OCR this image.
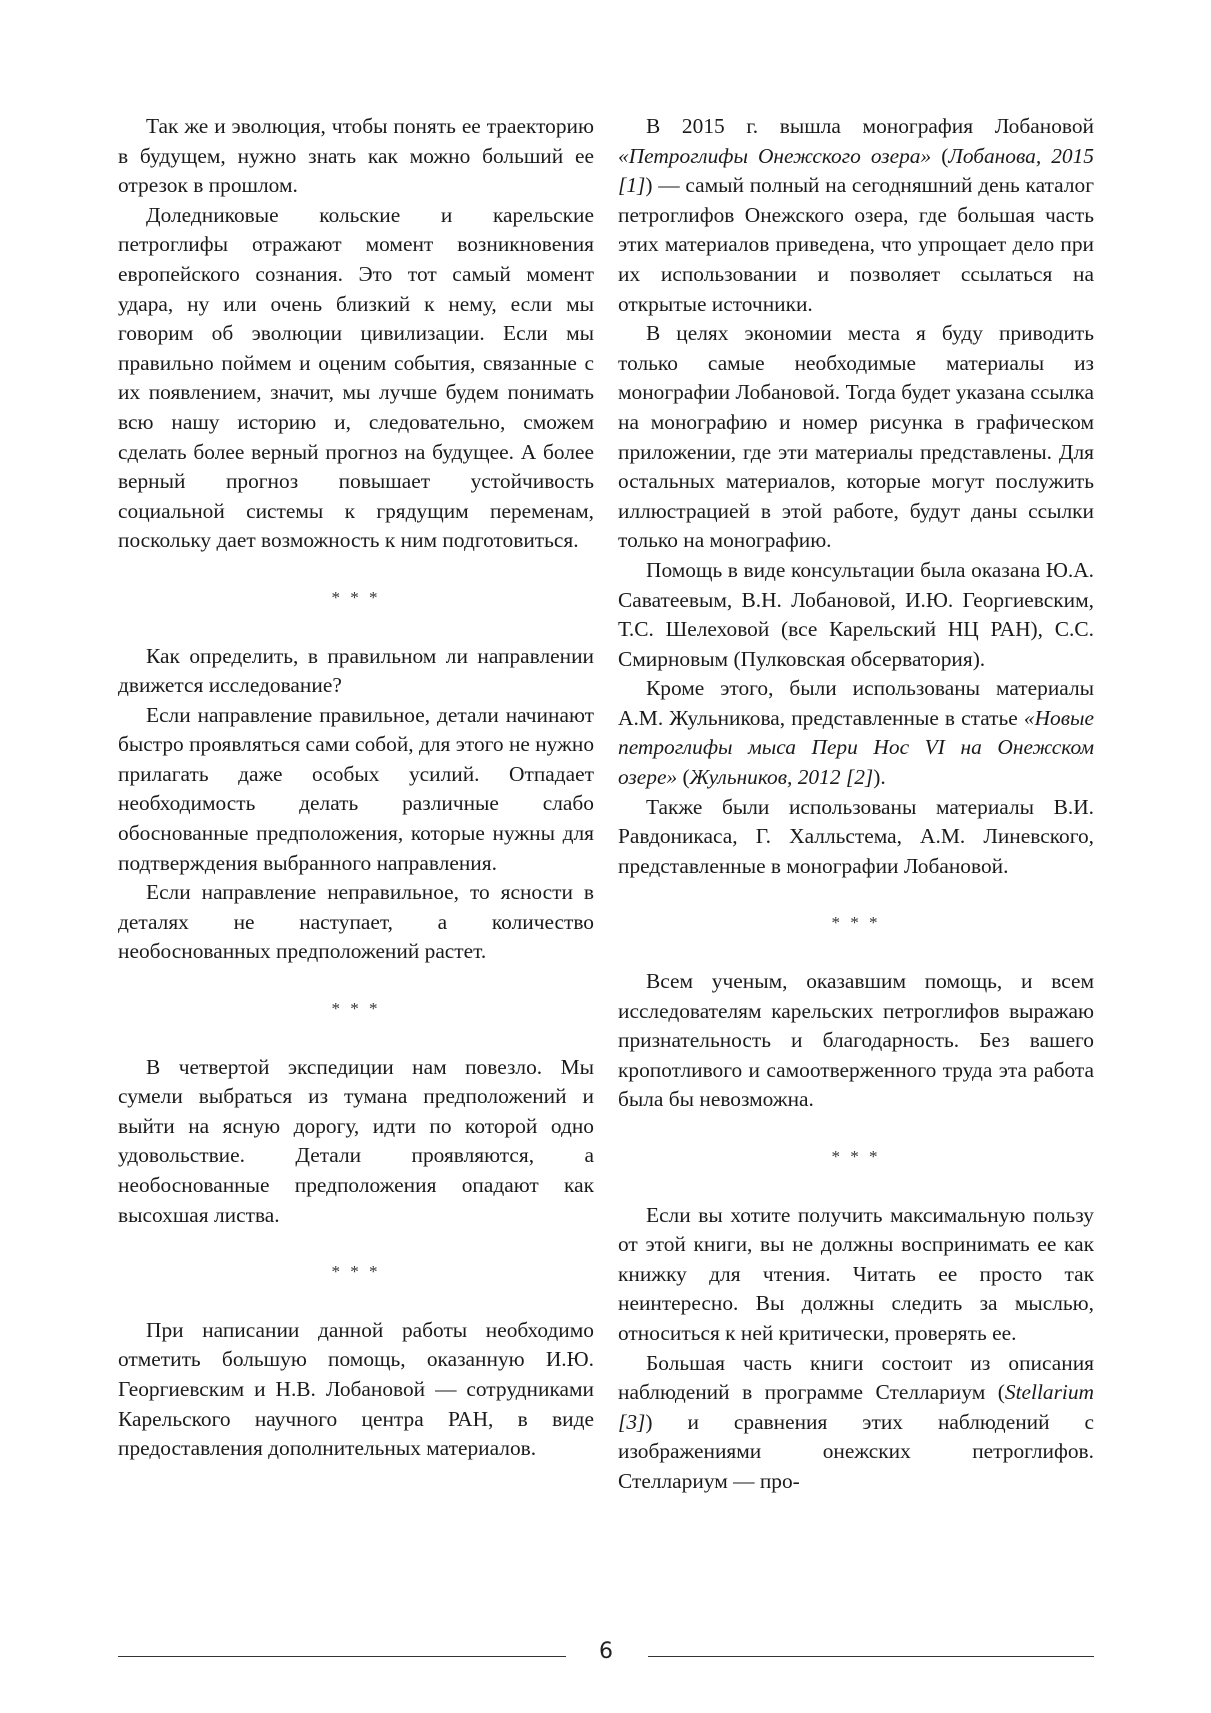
Так же и эволюция, чтобы понять ее траекторию в будущем, нужно знать как можно больший ее отрезок в прошлом.

Доледниковые кольские и карельские петроглифы отражают момент возникновения европейского сознания. Это тот самый момент удара, ну или очень близкий к нему, если мы говорим об эволюции цивилизации. Если мы правильно поймем и оценим события, связанные с их появлением, значит, мы лучше будем понимать всю нашу историю и, следовательно, сможем сделать более верный прогноз на будущее. А более верный прогноз повышает устойчивость социальной системы к грядущим переменам, поскольку дает возможность к ним подготовиться.

* * *

Как определить, в правильном ли направлении движется исследование?

Если направление правильное, детали начинают быстро проявляться сами собой, для этого не нужно прилагать даже особых усилий. Отпадает необходимость делать различные слабо обоснованные предположения, которые нужны для подтверждения выбранного направления.

Если направление неправильное, то ясности в деталях не наступает, а количество необоснованных предположений растет.

* * *

В четвертой экспедиции нам повезло. Мы сумели выбраться из тумана предположений и выйти на ясную дорогу, идти по которой одно удовольствие. Детали проявляются, а необоснованные предположения опадают как высохшая листва.

* * *

При написании данной работы необходимо отметить большую помощь, оказанную И.Ю. Георгиевским и Н.В. Лобановой — сотрудниками Карельского научного центра РАН, в виде предоставления дополнительных материалов.

В 2015 г. вышла монография Лобановой «Петроглифы Онежского озера» (Лобанова, 2015 [1]) — самый полный на сегодняшний день каталог петроглифов Онежского озера, где большая часть этих материалов приведена, что упрощает дело при их использовании и позволяет ссылаться на открытые источники.

В целях экономии места я буду приводить только самые необходимые материалы из монографии Лобановой. Тогда будет указана ссылка на монографию и номер рисунка в графическом приложении, где эти материалы представлены. Для остальных материалов, которые могут послужить иллюстрацией в этой работе, будут даны ссылки только на монографию.

Помощь в виде консультации была оказана Ю.А. Саватеевым, В.Н. Лобановой, И.Ю. Георгиевским, Т.С. Шелеховой (все Карельский НЦ РАН), С.С. Смирновым (Пулковская обсерватория).

Кроме этого, были использованы материалы А.М. Жульникова, представленные в статье «Новые петроглифы мыса Пери Нос VI на Онежском озере» (Жульников, 2012 [2]).

Также были использованы материалы В.И. Равдоникаса, Г. Халльстема, А.М. Линевского, представленные в монографии Лобановой.

* * *

Всем ученым, оказавшим помощь, и всем исследователям карельских петроглифов выражаю признательность и благодарность. Без вашего кропотливого и самоотверженного труда эта работа была бы невозможна.

* * *

Если вы хотите получить максимальную пользу от этой книги, вы не должны воспринимать ее как книжку для чтения. Читать ее просто так неинтересно. Вы должны следить за мыслью, относиться к ней критически, проверять ее.

Большая часть книги состоит из описания наблюдений в программе Стеллариум (Stellarium [3]) и сравнения этих наблюдений с изображениями онежских петроглифов. Стеллариум — про-

6
